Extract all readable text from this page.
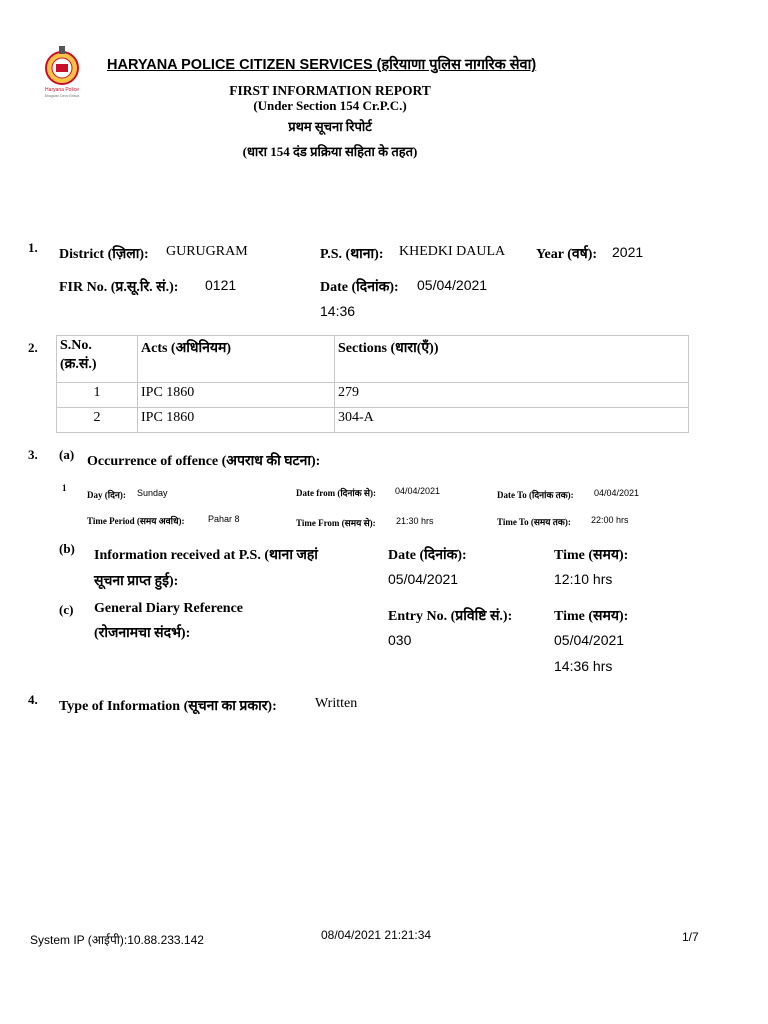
Haryana Police
Bhagwan Devo Bhava
HARYANA POLICE CITIZEN SERVICES (हरियाणा पुलिस नागरिक सेवा)
FIRST INFORMATION REPORT
(Under Section 154 Cr.P.C.)
प्रथम सूचना रिपोर्ट
(धारा 154 दंड प्रक्रिया सहिता के तहत)
1. District (ज़िला): GURUGRAM	P.S. (थाना): KHEDKI DAULA Year (वर्ष): 2021
FIR No. (प्र.सू.रि. सं.): 0121	Date (दिनांक): 05/04/2021
14:36
2. S.No.
(क्र.सं.)	Acts (अधिनियम)	Sections (धारा(एँ))
1	IPC 1860	279
2	IPC 1860	304-A
3. (a) Occurrence of offence (अपराध की घटना):
1
Day (दिन): Sunday	Date from (दिनांक से): 04/04/2021	Date To (दिनांक तक): 04/04/2021
Time Period (समय अवधि):	Pahar 8	Time From (समय से): 21:30 hrs	Time To (समय तक): 22:00 hrs
(b) Information received at P.S. (थाना जहां
सूचना प्राप्त हुई):
Date (दिनांक):
05/04/2021
Time (समय):
12:10 hrs
(c) General Diary Reference
(रोजनामचा संदर्भ):
Entry No. (प्रविष्टि सं.):
030
Time (समय):
05/04/2021
14:36 hrs
4. Type of Information (सूचना का प्रकार):	Written
System IP (आईपी):10.88.233.142	08/04/2021 21:21:34	1/7
